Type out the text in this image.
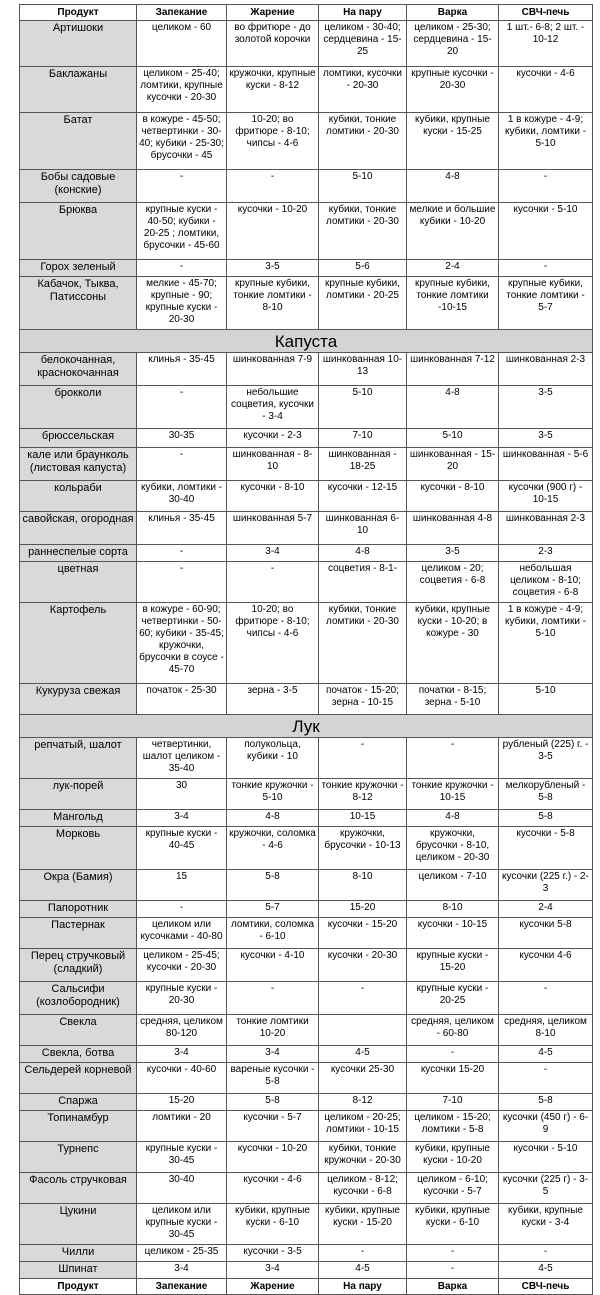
Продукт	Запекание	Жарение	На пару	Варка	СВЧ-печь
Артишоки	целиком - 60	во фритюре - до золотой корочки	целиком - 30-40; сердцевина - 15-25	целиком - 25-30; сердцевина - 15-20	1 шт.- 6-8; 2 шт. - 10-12
Баклажаны	целиком - 25-40; ломтики, крупные кусочки - 20-30	кружочки, крупные куски - 8-12	ломтики, кусочки - 20-30	крупные кусочки - 20-30	кусочки - 4-6
Батат	в кожуре - 45-50; четвертинки - 30-40; кубики - 25-30; брусочки - 45	10-20; во фритюре - 8-10; чипсы - 4-6	кубики, тонкие ломтики - 20-30	кубики, крупные куски - 15-25	1 в кожуре - 4-9; кубики, ломтики - 5-10
Бобы садовые (конские)	-	-	5-10	4-8	-
Брюква	крупные куски - 40-50; кубики - 20-25 ; ломтики, брусочки - 45-60	кусочки - 10-20	кубики, тонкие ломтики - 20-30	мелкие и большие кубики - 10-20	кусочки - 5-10
Горох зеленый	-	3-5	5-6	2-4	-
Кабачок, Тыква, Патиссоны	мелкие - 45-70; крупные - 90; крупные куски - 20-30	крупные кубики, тонкие ломтики - 8-10	крупные кубики, ломтики - 20-25	крупные кубики, тонкие ломтики -10-15	крупные кубики, тонкие ломтики - 5-7
Капуста					
белокочанная, краснокочанная	клинья - 35-45	шинкованная 7-9	шинкованная 10-13	шинкованная 7-12	шинкованная 2-3
брокколи	-	небольшие соцветия, кусочки - 3-4	5-10	4-8	3-5
брюссельская	30-35	кусочки - 2-3	7-10	5-10	3-5
кале или браунколь (листовая капуста)	-	шинкованная - 8-10	шинкованная - 18-25	шинкованная - 15-20	шинкованная - 5-6
кольраби	кубики, ломтики - 30-40	кусочки - 8-10	кусочки - 12-15	кусочки - 8-10	кусочки (900 г) - 10-15
савойская, огородная	клинья - 35-45	шинкованная 5-7	шинкованная 6-10	шинкованная 4-8	шинкованная 2-3
раннеспелые сорта	-	3-4	4-8	3-5	2-3
цветная	-	-	соцветия - 8-1-	целиком - 20; соцветия - 6-8	небольшая целиком - 8-10; соцветия - 6-8
Картофель	в кожуре - 60-90; четвертинки - 50-60; кубики - 35-45; кружочки, брусочки в соусе - 45-70	10-20; во фритюре - 8-10; чипсы - 4-6	кубики, тонкие ломтики - 20-30	кубики, крупные куски - 10-20; в кожуре - 30	1 в кожуре - 4-9; кубики, ломтики - 5-10
Кукуруза свежая	початок - 25-30	зерна - 3-5	початок - 15-20; зерна - 10-15	початки - 8-15; зерна - 5-10	5-10
Лук					
репчатый, шалот	четвертинки, шалот целиком - 35-40	полукольца, кубики - 10	-	-	рубленый (225) г. - 3-5
лук-порей	30	тонкие кружочки - 5-10	тонкие кружочки - 8-12	тонкие кружочки - 10-15	мелкорубленый - 5-8
Мангольд	3-4	4-8	10-15	4-8	5-8
Морковь	крупные куски - 40-45	кружочки, соломка - 4-6	кружочки, брусочки - 10-13	кружочки, брусочки - 8-10, целиком - 20-30	кусочки - 5-8
Окра (Бамия)	15	5-8	8-10	целиком - 7-10	кусочки (225 г.) - 2-3
Папоротник	-	5-7	15-20	8-10	2-4
Пастернак	целиком или кусочками - 40-80	ломтики, соломка - 6-10	кусочки - 15-20	кусочки - 10-15	кусочки 5-8
Перец стручковый (сладкий)	целиком - 25-45; кусочки - 20-30	кусочки - 4-10	кусочки - 20-30	крупные куски - 15-20	кусочки 4-6
Сальсифи (козлобородник)	крупные куски - 20-30	-	-	крупные куски - 20-25	-
Свекла	средняя, целиком 80-120	тонкие ломтики 10-20		средняя, целиком - 60-80	средняя, целиком 8-10
Свекла, ботва	3-4	3-4	4-5	-	4-5
Сельдерей корневой	кусочки - 40-60	вареные кусочки - 5-8	кусочки 25-30	кусочки 15-20	-
Спаржа	15-20	5-8	8-12	7-10	5-8
Топинамбур	ломтики - 20	кусочки - 5-7	целиком - 20-25; ломтики - 10-15	целиком - 15-20; ломтики - 5-8	кусочки (450 г) - 6-9
Турнепс	крупные куски - 30-45	кусочки - 10-20	кубики, тонкие кружочки - 20-30	кубики, крупные куски - 10-20	кусочки - 5-10
Фасоль стручковая	30-40	кусочки - 4-6	целиком - 8-12; кусочки - 6-8	целиком - 6-10; кусочки - 5-7	кусочки (225 г) - 3-5
Цукини	целиком или крупные куски - 30-45	кубики, крупные куски - 6-10	кубики, крупные куски - 15-20	кубики, крупные куски - 6-10	кубики, крупные куски - 3-4
Чилли	целиком - 25-35	кусочки - 3-5	-	-	-
Шпинат	3-4	3-4	4-5	-	4-5
Продукт	Запекание	Жарение	На пару	Варка	СВЧ-печь
